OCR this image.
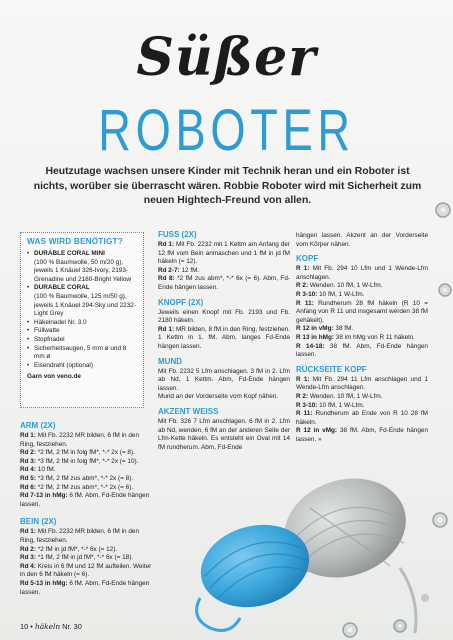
Süßer
ROBOTER
Heutzutage wachsen unsere Kinder mit Technik heran und ein Roboter ist nichts, worüber sie überrascht wären. Robbie Roboter wird mit Sicherheit zum neuen Hightech-Freund von allen.
WAS WIRD BENÖTIGT?
• DURABLE CORAL MINI
(100 % Baumwolle, 50 m/20 g), jeweils 1 Knäuel 326-Ivory, 2193-Grenadine und 2180-Bright Yellow
• DURABLE CORAL
(100 % Baumwolle, 125 m/50 g), jeweils 1 Knäuel 294-Sky und 2232-Light Grey
• Häkelnadel Nr. 3.0
• Füllwatte
• Stopfnadel
• Sicherheitsaugen, 5 mm ø und 8 mm ø
• Eisendraht (optional)
Garn von veno.de
ARM (2X)

Rd 1: Mit Fb. 2232 MR bilden, 6 fM in den Ring, festziehen.

Rd 2: *2 fM, 2 fM in folg fM*, *-* 2x (= 8).

Rd 3: *3 fM, 2 fM in folg fM*, *-* 2x (= 10).

Rd 4: 10 fM.

Rd 5: *3 fM, 2 fM zus abm*, *-* 2x (= 8).

Rd 6: *2 fM, 2 fM zus abm*, *-* 2x (= 6).

Rd 7-13 in hMg: 6 fM. Abm, Fd-Ende hängen lassen.

BEIN (2X)

Rd 1: Mit Fb. 2232 MR bilden, 6 fM in den Ring, festziehen.

Rd 2: *2 fM in jd fM*, *-* 6x (= 12).

Rd 3: *1 fM, 2 fM in jd fM*, *-* 6x (= 18).

Rd 4: Kreis in 6 fM und 12 fM aufteilen. Weiter in den 6 fM häkeln (= 6).

Rd 5-13 in hMg: 6 fM. Abm, Fd-Ende hängen lassen.

FUSS (2X)

Rd 1: Mit Fb. 2232 mit 1 Kettm am Anfang der 12 fM vom Bein anmaschen und 1 fM in jd fM häkeln (= 12).

Rd 2-7: 12 fM.

Rd 8: *2 fM zus abm*, *-* 6x (= 6). Abm, Fd-Ende hängen lassen.

KNOPF (2X)

Jeweils einen Knopf mit Fb. 2193 und Fb. 2180 häkeln.

Rd 1: MR bilden, 8 fM in den Ring, festziehen. 1 Kettm in 1. fM. Abm, langes Fd-Ende hängen lassen.

MUND

Mit Fb. 2232 5 Lfm anschlagen. 3 fM in 2. Lfm ab Nd, 1 Kettm. Abm, Fd-Ende hängen lassen.

Mund an der Vorderseite vom Kopf nähen.

AKZENT WEISS

Mit Fb. 326 7 Lfm anschlagen. 6 fM in 2. Lfm ab Nd, wenden, 6 fM an der anderen Seite der Lfm-Kette häkeln. Es entsteht ein Oval mit 14 fM rundherum. Abm, Fd-Ende

hängen lassen. Akzent an der Vorderseite vom Körper nähen.

KOPF

R 1: Mit Fb. 294 10 Lfm und 1 Wende-Lfm anschlagen.

R 2: Wenden. 10 fM, 1 W-Lfm.

R 3-10: 10 fM, 1 W-Lfm.

R 11: Rundherum 28 fM häkeln (R 10 = Anfang von R 11 und insgesamt werden 38 fM gehäkelt).

R 12 in vMg: 38 fM.

R 13 in hMg: 38 im hMg von R 11 häkeln.

R 14-18: 38 fM. Abm, Fd-Ende hängen lassen.

RÜCKSEITE KOPF

R 1: Mit Fb. 294 11 Lfm anschlagen und 1 Wende-Lfm anschlagen.

R 2: Wenden. 10 fM, 1 W-Lfm.

R 3-10: 10 fM, 1 W-Lfm.

R 11: Rundherum ab Ende von R 10 28 fM häkeln.

R 12 in vMg: 38 fM. Abm, Fd-Ende hängen lassen. »

10 • häkeln Nr. 30
